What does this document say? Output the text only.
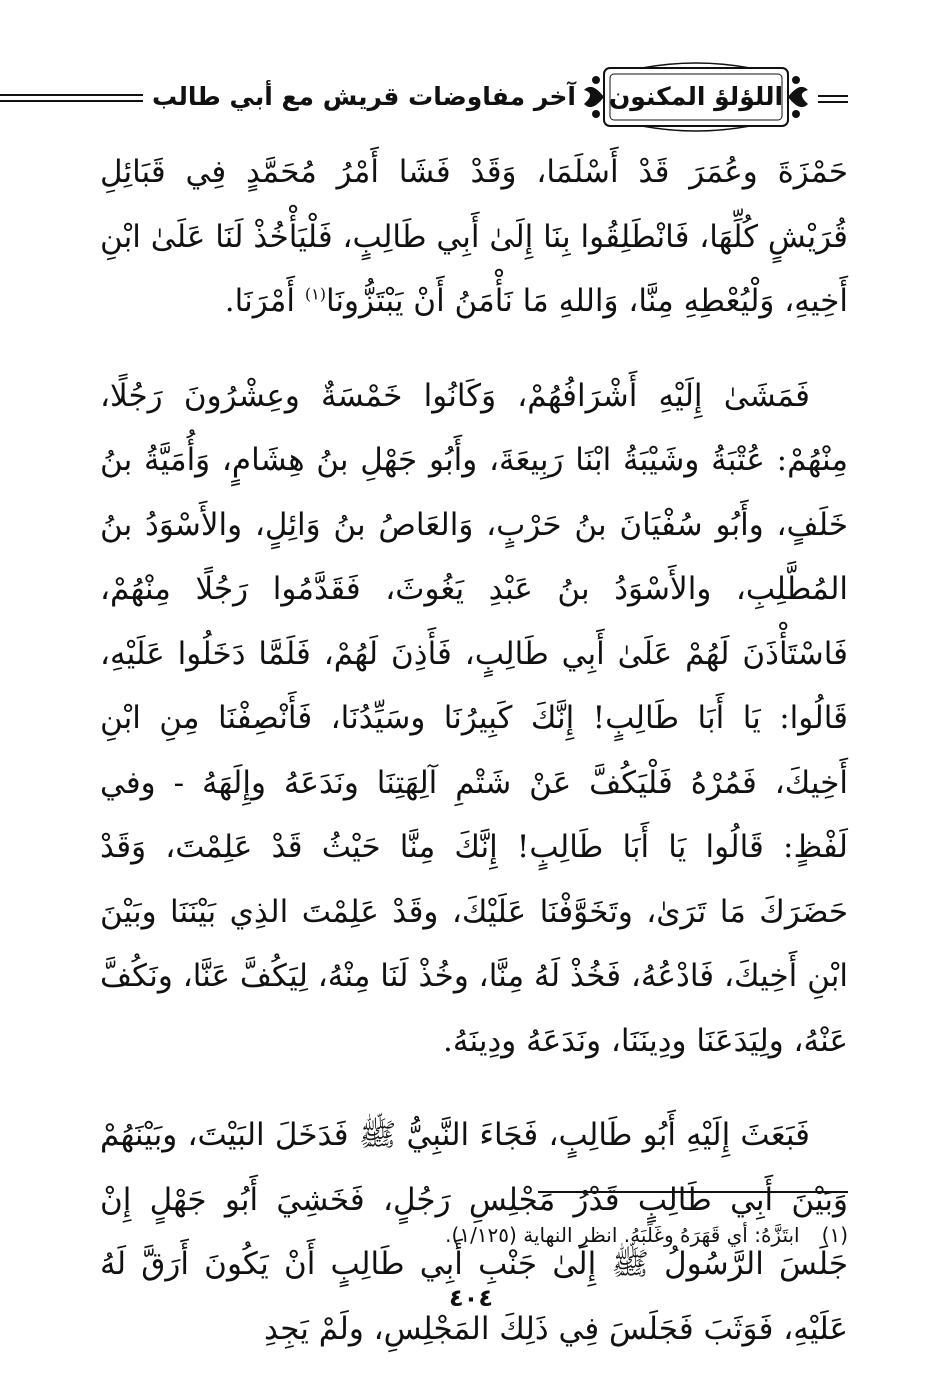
اللؤلؤ المكنون
آخر مفاوضات قريش مع أبي طالب

حَمْزَةَ وعُمَرَ قَدْ أَسْلَمَا، وَقَدْ فَشَا أَمْرُ مُحَمَّدٍ فِي قَبَائِلِ قُرَيْشٍ كُلِّهَا، فَانْطَلِقُوا بِنَا إِلَىٰ أَبِي طَالِبٍ، فَلْيَأْخُذْ لَنَا عَلَىٰ ابْنِ أَخِيهِ، وَلْيُعْطِهِ مِنَّا، وَاللهِ مَا نَأْمَنُ أَنْ يَبْتَزُّونَا$^{(١)}$ أَمْرَنَا.

فَمَشَىٰ إِلَيْهِ أَشْرَافُهُمْ، وَكَانُوا خَمْسَةٌ وعِشْرُونَ رَجُلًا، مِنْهُمْ: عُتْبَةُ وشَيْبَةُ ابْنَا رَبِيعَةَ، وأَبُو جَهْلِ بنُ هِشَامٍ، وَأُمَيَّةُ بنُ خَلَفٍ، وأَبُو سُفْيَانَ بنُ حَرْبٍ، وَالعَاصُ بنُ وَائِلٍ، والأَسْوَدُ بنُ المُطَّلِبِ، والأَسْوَدُ بنُ عَبْدِ يَغُوثَ، فَقَدَّمُوا رَجُلًا مِنْهُمْ، فَاسْتَأْذَنَ لَهُمْ عَلَىٰ أَبِي طَالِبٍ، فَأَذِنَ لَهُمْ، فَلَمَّا دَخَلُوا عَلَيْهِ، قَالُوا: يَا أَبَا طَالِبٍ! إِنَّكَ كَبِيرُنَا وسَيِّدُنَا، فَأَنْصِفْنَا مِنِ ابْنِ أَخِيكَ، فَمُرْهُ فَلْيَكُفَّ عَنْ شَتْمِ آلِهَتِنَا ونَدَعَهُ وإِلَهَهُ - وفي لَفْظٍ: قَالُوا يَا أَبَا طَالِبٍ! إِنَّكَ مِنَّا حَيْثُ قَدْ عَلِمْتَ، وَقَدْ حَضَرَكَ مَا تَرَىٰ، وتَخَوَّفْنَا عَلَيْكَ، وقَدْ عَلِمْتَ الذِي بَيْنَنَا وبَيْنَ ابْنِ أَخِيكَ، فَادْعُهُ، فَخُذْ لَهُ مِنَّا، وخُذْ لَنَا مِنْهُ، لِيَكُفَّ عَنَّا، ونَكُفَّ عَنْهُ، ولِيَدَعَنَا ودِينَنَا، ونَدَعَهُ ودِينَهُ.

فَبَعَثَ إِلَيْهِ أَبُو طَالِبٍ، فَجَاءَ النَّبِيُّ ﷺ فَدَخَلَ البَيْتَ، وبَيْنَهُمْ وَبَيْنَ أَبِي طَالِبٍ قَدْرُ مَجْلِسِ رَجُلٍ، فَخَشِيَ أَبُو جَهْلٍ إِنْ جَلَسَ الرَّسُولُ ﷺ إِلَىٰ جَنْبِ أَبِي طَالِبٍ أَنْ يَكُونَ أَرَقَّ لَهُ عَلَيْهِ، فَوَثَبَ فَجَلَسَ فِي ذَلِكَ المَجْلِسِ، ولَمْ يَجِدِ

(١)ابتَزَّهُ: أي قَهَرَهُ وغَلَبَهُ. انظر النهاية (١/١٢٥).
٤٠٤
